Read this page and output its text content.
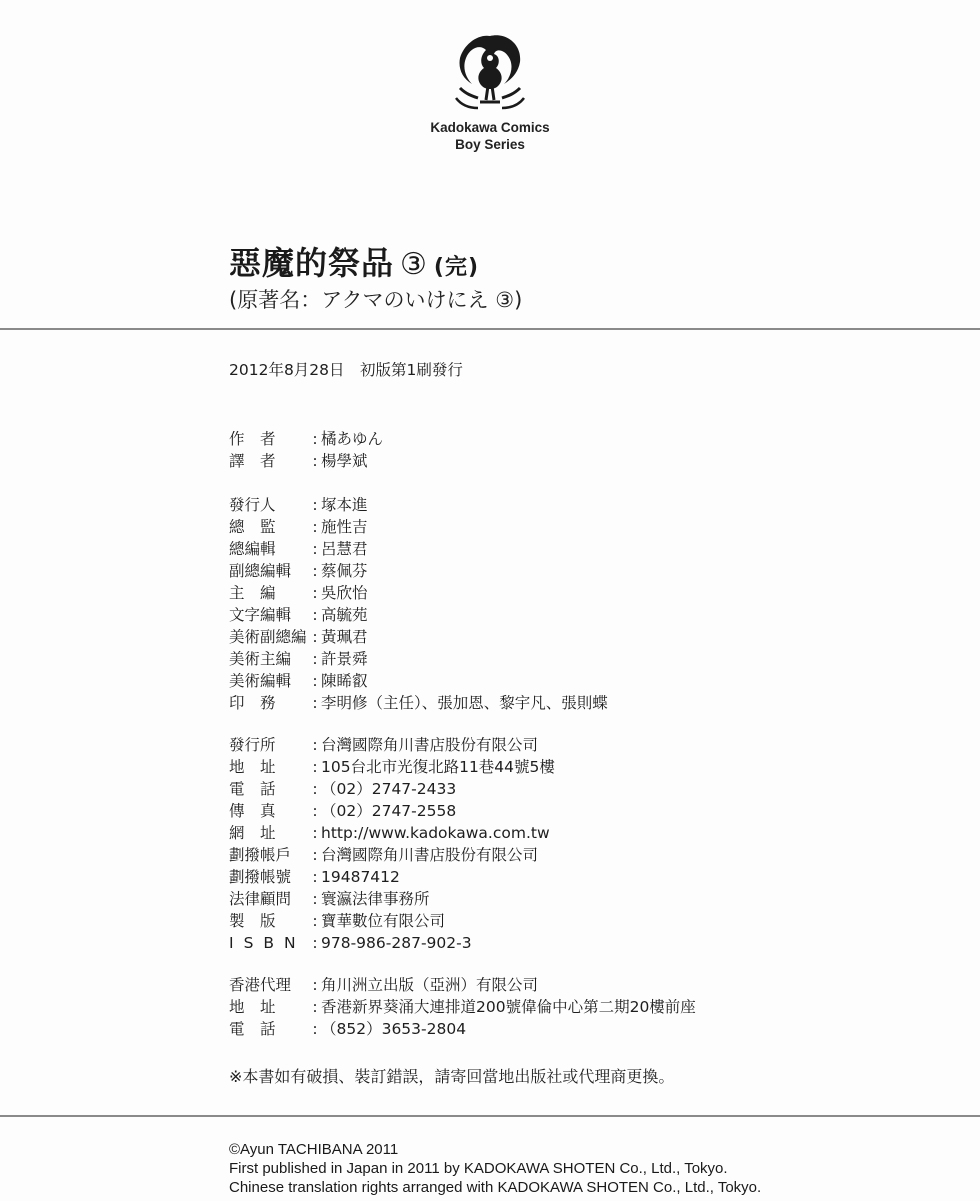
Kadokawa Comics
Boy Series
惡魔的祭品 ③ (完)
(原著名：アクマのいけにえ ③)
2012年8月28日　初版第1刷發行
作　者	: 橘あゆん
譯　者	: 楊學斌
發行人	: 塚本進
總　監	: 施性吉
總編輯	: 呂慧君
副總編輯	: 蔡佩芬
主　編	: 吳欣怡
文字編輯	: 高毓苑
美術副總編 : 黃珮君
美術主編	: 許景舜
美術編輯	: 陳睎叡
印　務	: 李明修（主任）、張加恩、黎宇凡、張則蝶
發行所	: 台灣國際角川書店股份有限公司
地　址	: 105台北市光復北路11巷44號5樓
電　話	: （02）2747-2433
傳　真	: （02）2747-2558
網　址	: http://www.kadokawa.com.tw
劃撥帳戶	: 台灣國際角川書店股份有限公司
劃撥帳號	: 19487412
法律顧問	: 寰瀛法律事務所
製　版	: 寶華數位有限公司
ISBN : 978-986-287-902-3
香港代理	: 角川洲立出版（亞洲）有限公司
地　址	: 香港新界葵涌大連排道200號偉倫中心第二期20樓前座
電　話	: （852）3653-2804
※本書如有破損、裝訂錯誤，請寄回當地出版社或代理商更換。
©Ayun TACHIBANA 2011
First published in Japan in 2011 by KADOKAWA SHOTEN Co., Ltd., Tokyo.
Chinese translation rights arranged with KADOKAWA SHOTEN Co., Ltd., Tokyo.
